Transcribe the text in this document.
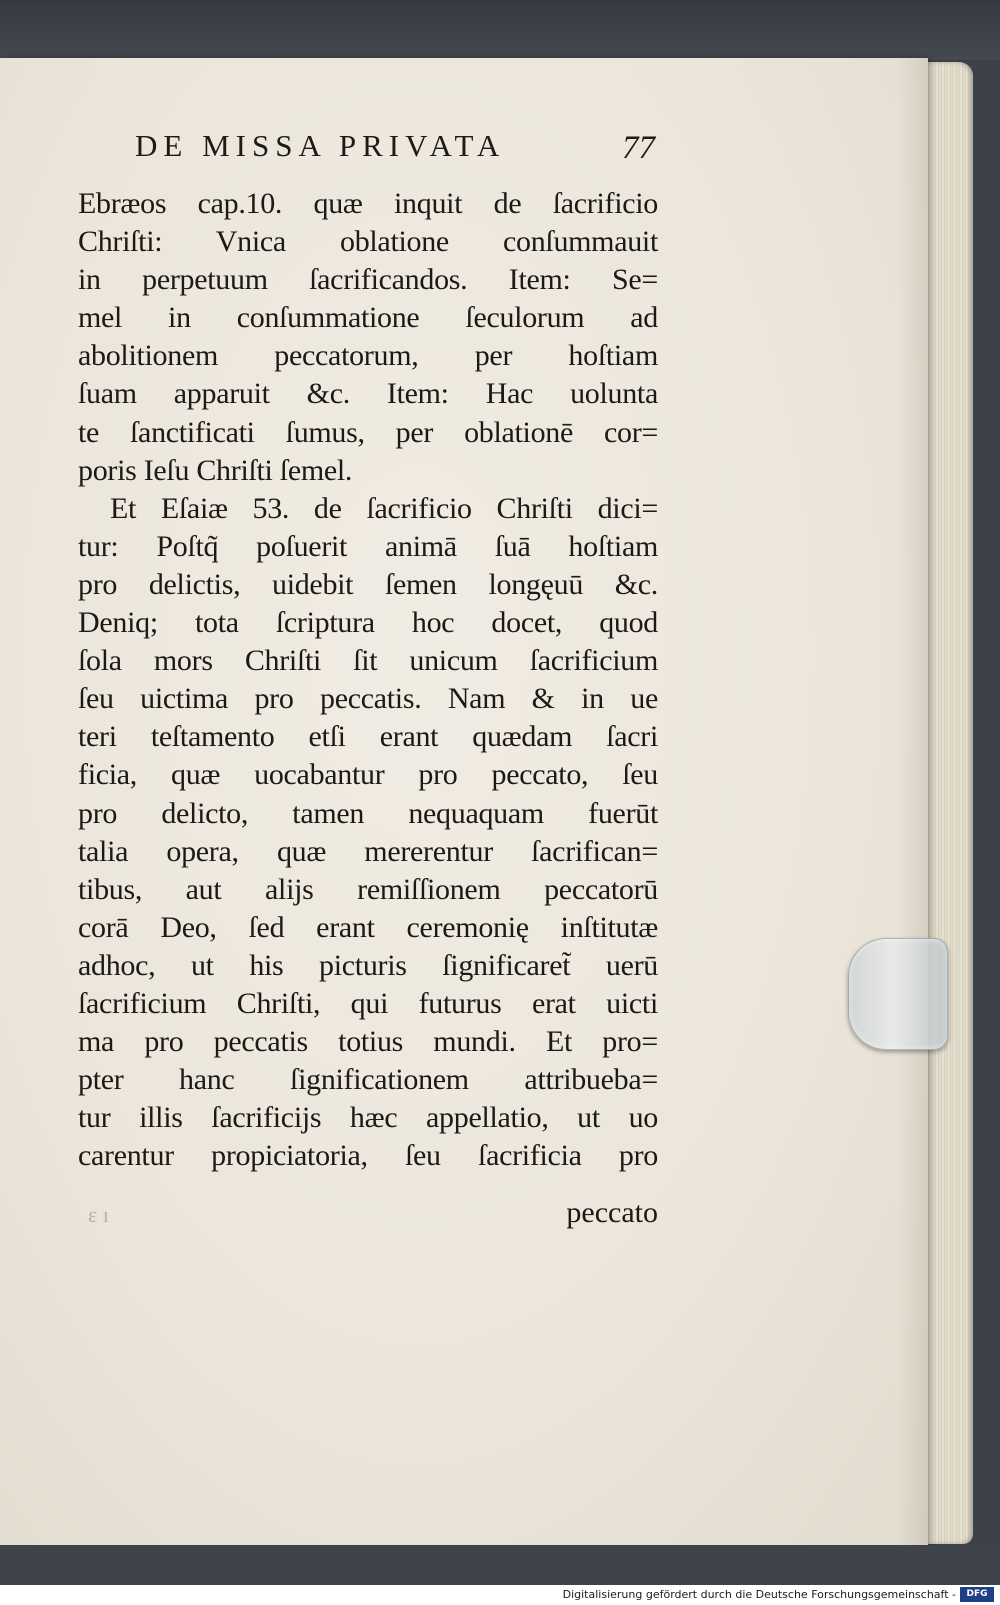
DE MISSA PRIVATA	77
Ebræos cap.10. quæ inquit de ſacrificio
Chriſti: Vnica oblatione conſummauit
in perpetuum ſacrificandos. Item: Se=
mel in conſummatione ſeculorum ad
abolitionem peccatorum, per hoſtiam
ſuam apparuit &c. Item: Hac uolunta
te ſanctificati ſumus, per oblationē cor=
poris Ieſu Chriſti ſemel.
Et Eſaiæ 53. de ſacrificio Chriſti dici=
tur: Poſtq̃ poſuerit animā ſuā hoſtiam
pro delictis, uidebit ſemen longęuū &c.
Deniq; tota ſcriptura hoc docet, quod
ſola mors Chriſti ſit unicum ſacrificium
ſeu uictima pro peccatis. Nam & in ue
teri teſtamento etſi erant quædam ſacri
ficia, quæ uocabantur pro peccato, ſeu
pro delicto, tamen nequaquam fuerūt
talia opera, quæ mererentur ſacrifican=
tibus, aut alijs remiſſionem peccatorū
corā Deo, ſed erant ceremonię inſtitutæ
adhoc, ut his picturis ſignificaret̃ uerū
ſacrificium Chriſti, qui futurus erat uicti
ma pro peccatis totius mundi. Et pro=
pter hanc ſignificationem attribueba=
tur illis ſacrificijs hæc appellatio, ut uo
carentur propiciatoria, ſeu ſacrificia pro
ɛ ı	peccato
Digitalisierung gefördert durch die Deutsche Forschungsgemeinschaft -	DFG
